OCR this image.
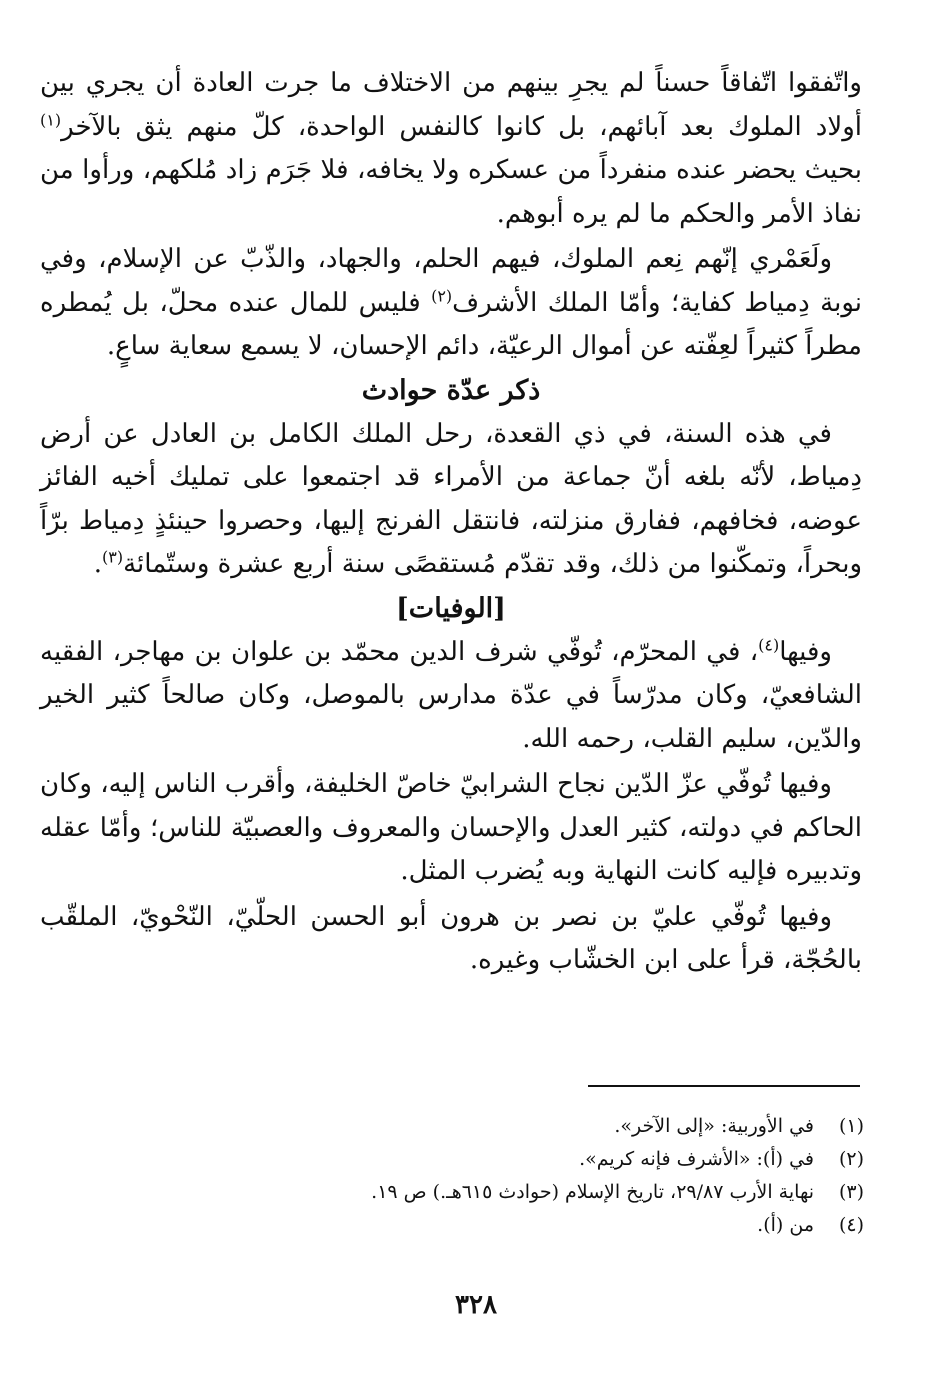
واتّفقوا اتّفاقاً حسناً لم يجرِ بينهم من الاختلاف ما جرت العادة أن يجري بين أولاد الملوك بعد آبائهم، بل كانوا كالنفس الواحدة، كلّ منهم يثق بالآخر$^{(١)}$ بحيث يحضر عنده منفرداً من عسكره ولا يخافه، فلا جَرَم زاد مُلكهم، ورأوا من نفاذ الأمر والحكم ما لم يره أبوهم.

ولَعَمْري إنّهم نِعم الملوك، فيهم الحلم، والجهاد، والذّبّ عن الإسلام، وفي نوبة دِمياط كفاية؛ وأمّا الملك الأشرف$^{(٢)}$ فليس للمال عنده محلّ، بل يُمطره مطراً كثيراً لعِفّته عن أموال الرعيّة، دائم الإحسان، لا يسمع سعاية ساعٍ.

ذكر عدّة حوادث

في هذه السنة، في ذي القعدة، رحل الملك الكامل بن العادل عن أرض دِمياط، لأنّه بلغه أنّ جماعة من الأمراء قد اجتمعوا على تمليك أخيه الفائز عوضه، فخافهم، ففارق منزلته، فانتقل الفرنج إليها، وحصروا حينئذٍ دِمياط برّاً وبحراً، وتمكّنوا من ذلك، وقد تقدّم مُستقصًى سنة أربع عشرة وستّمائة$^{(٣)}$.

[الوفيات]

وفيها$^{(٤)}$، في المحرّم، تُوفّي شرف الدين محمّد بن علوان بن مهاجر، الفقيه الشافعيّ، وكان مدرّساً في عدّة مدارس بالموصل، وكان صالحاً كثير الخير والدّين، سليم القلب، رحمه الله.

وفيها تُوفّي عزّ الدّين نجاح الشرابيّ خاصّ الخليفة، وأقرب الناس إليه، وكان الحاكم في دولته، كثير العدل والإحسان والمعروف والعصبيّة للناس؛ وأمّا عقله وتدبيره فإليه كانت النهاية وبه يُضرب المثل.

وفيها تُوفّي عليّ بن نصر بن هرون أبو الحسن الحلّيّ، النّحْويّ، الملقّب بالحُجّة، قرأ على ابن الخشّاب وغيره.

(١)
في الأوربية: «إلى الآخر».
(٢)
في (أ): «الأشرف فإنه كريم».
(٣)
نهاية الأرب ٢٩/٨٧، تاريخ الإسلام (حوادث ٦١٥هـ.) ص ١٩.
(٤)
من (أ).
٣٢٨
